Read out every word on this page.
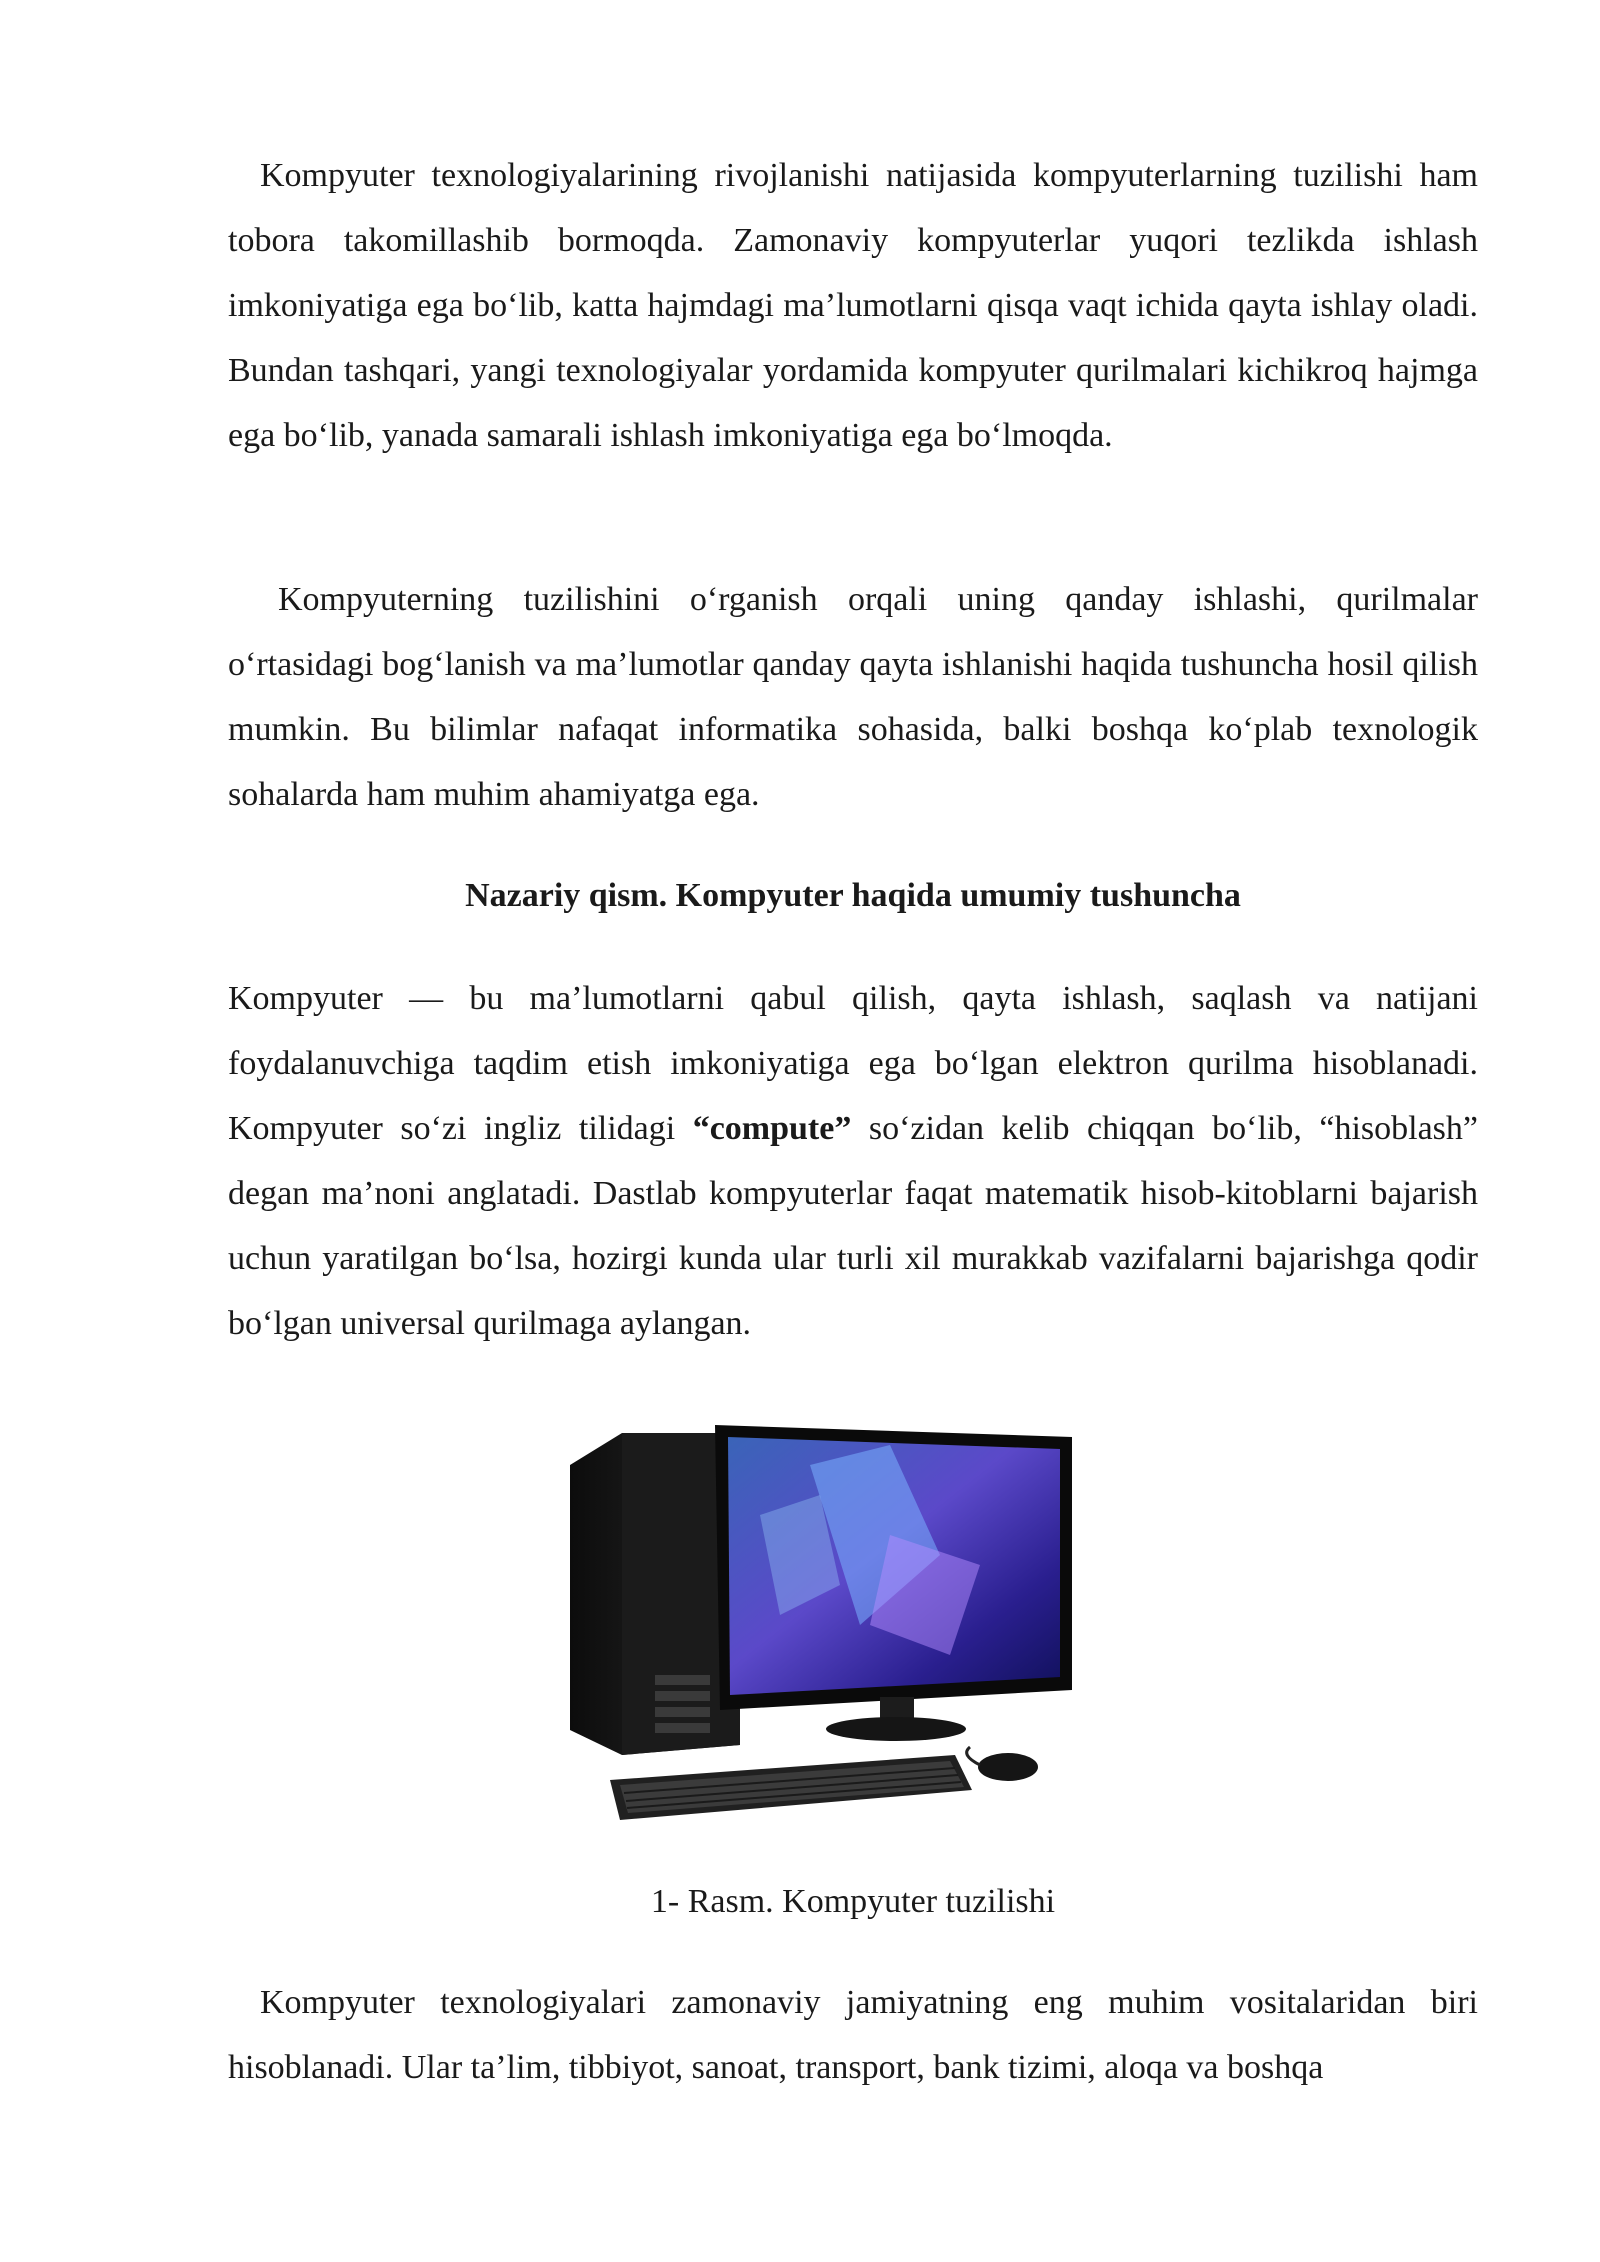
Kompyuter texnologiyalarining rivojlanishi natijasida kompyuterlarning tuzilishi ham tobora takomillashib bormoqda. Zamonaviy kompyuterlar yuqori tezlikda ishlash imkoniyatiga ega bo‘lib, katta hajmdagi ma’lumotlarni qisqa vaqt ichida qayta ishlay oladi. Bundan tashqari, yangi texnologiyalar yordamida kompyuter qurilmalari kichikroq hajmga ega bo‘lib, yanada samarali ishlash imkoniyatiga ega bo‘lmoqda.

Kompyuterning tuzilishini o‘rganish orqali uning qanday ishlashi, qurilmalar o‘rtasidagi bog‘lanish va ma’lumotlar qanday qayta ishlanishi haqida tushuncha hosil qilish mumkin. Bu bilimlar nafaqat informatika sohasida, balki boshqa ko‘plab texnologik sohalarda ham muhim ahamiyatga ega.

Nazariy qism. Kompyuter haqida umumiy tushuncha

Kompyuter — bu ma’lumotlarni qabul qilish, qayta ishlash, saqlash va natijani foydalanuvchiga taqdim etish imkoniyatiga ega bo‘lgan elektron qurilma hisoblanadi. Kompyuter so‘zi ingliz tilidagi “compute” so‘zidan kelib chiqqan bo‘lib, “hisoblash” degan ma’noni anglatadi. Dastlab kompyuterlar faqat matematik hisob-kitoblarni bajarish uchun yaratilgan bo‘lsa, hozirgi kunda ular turli xil murakkab vazifalarni bajarishga qodir bo‘lgan universal qurilmaga aylangan.

1- Rasm. Kompyuter tuzilishi

Kompyuter texnologiyalari zamonaviy jamiyatning eng muhim vositalaridan biri hisoblanadi. Ular ta’lim, tibbiyot, sanoat, transport, bank tizimi, aloqa va boshqa
